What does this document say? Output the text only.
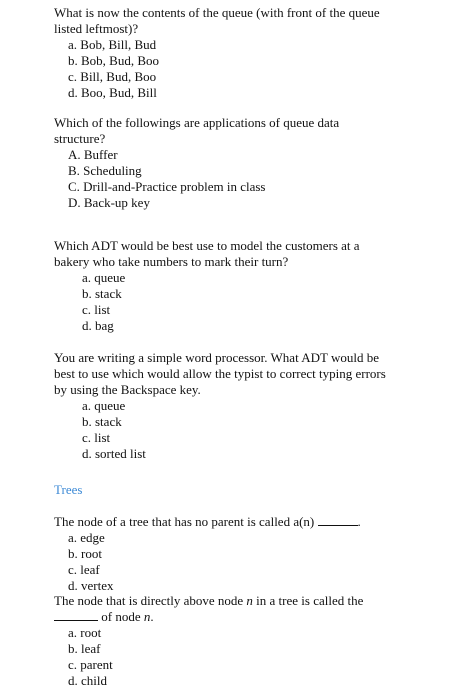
What is now the contents of the queue (with front of the queue
listed leftmost)?
a. Bob, Bill, Bud
b. Bob, Bud, Boo
c. Bill, Bud, Boo
d. Boo, Bud, Bill
Which of the followings are applications of queue data
structure?
A. Buffer
B. Scheduling
C. Drill-and-Practice problem in class
D. Back-up key
Which ADT would be best use to model the customers at a
bakery who take numbers to mark their turn?
a. queue
b. stack
c. list
d. bag
You are writing a simple word processor. What ADT would be
best to use which would allow the typist to correct typing errors
by using the Backspace key.
a. queue
b. stack
c. list
d. sorted list
Trees

The node of a tree that has no parent is called a(n)	.

a. edge
b. root
c. leaf
d. vertex
The node that is directly above node n in a tree is called the
of node n.
a. root
b. leaf
c. parent
d. child
